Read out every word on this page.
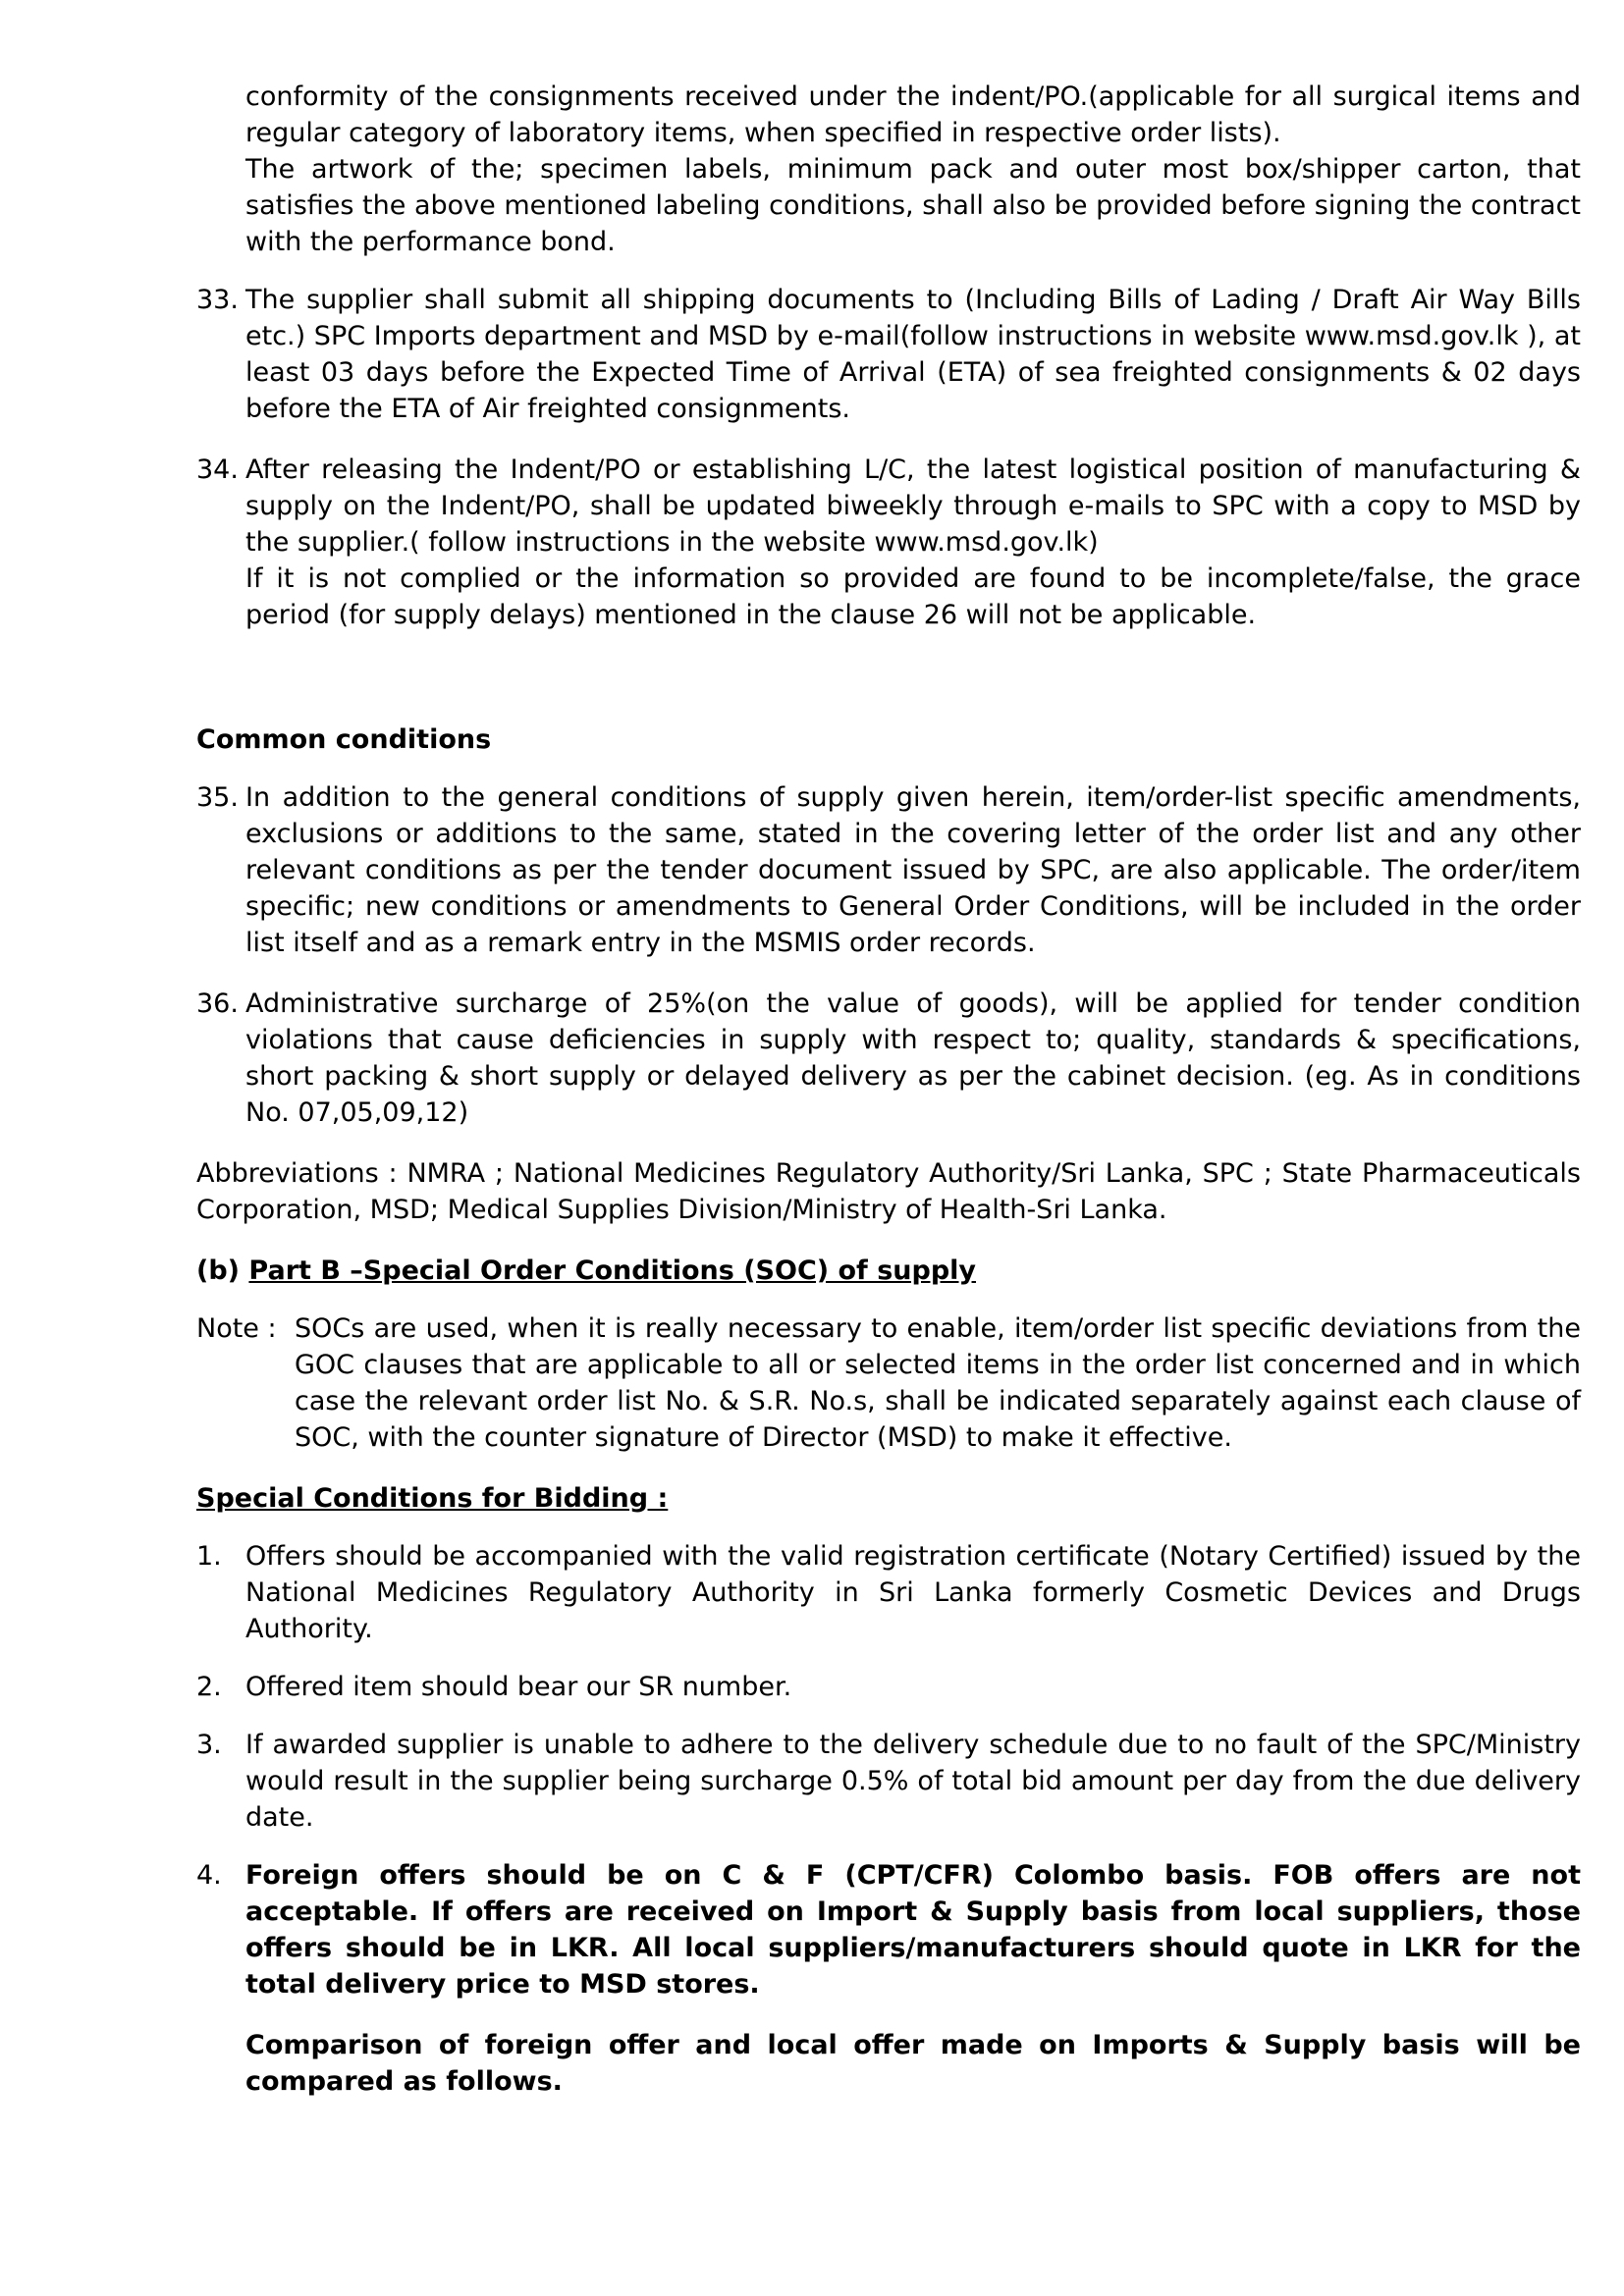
conformity of the consignments received under the indent/PO.(applicable for all surgical items and regular category of laboratory items, when specified in respective order lists).

The artwork of the; specimen labels, minimum pack and outer most box/shipper carton, that satisfies the above mentioned labeling conditions, shall also be provided before signing the contract with the performance bond.

33. The supplier shall submit all shipping documents to (Including Bills of Lading / Draft Air Way Bills etc.) SPC Imports department and MSD by e-mail(follow instructions in website www.msd.gov.lk ), at least 03 days before the Expected Time of Arrival (ETA) of sea freighted consignments & 02 days before the ETA of Air freighted consignments.

34. After releasing the Indent/PO or establishing L/C, the latest logistical position of manufacturing & supply on the Indent/PO, shall be updated biweekly through e-mails to SPC with a copy to MSD by the supplier.( follow instructions in the website www.msd.gov.lk)

If it is not complied or the information so provided are found to be incomplete/false, the grace period (for supply delays) mentioned in the clause 26 will not be applicable.

Common conditions

35. In addition to the general conditions of supply given herein, item/order-list specific amendments, exclusions or additions to the same, stated in the covering letter of the order list and any other relevant conditions as per the tender document issued by SPC, are also applicable. The order/item specific; new conditions or amendments to General Order Conditions, will be included in the order list itself and as a remark entry in the MSMIS order records.

36. Administrative surcharge of 25%(on the value of goods), will be applied for tender condition violations that cause deficiencies in supply with respect to; quality, standards & specifications, short packing & short supply or delayed delivery as per the cabinet decision. (eg. As in conditions No. 07,05,09,12)

Abbreviations : NMRA ; National Medicines Regulatory Authority/Sri Lanka, SPC ; State Pharmaceuticals Corporation, MSD; Medical Supplies Division/Ministry of Health-Sri Lanka.

(b) Part B –Special Order Conditions (SOC) of supply

Note : SOCs are used, when it is really necessary to enable, item/order list specific deviations from the GOC clauses that are applicable to all or selected items in the order list concerned and in which case the relevant order list No. & S.R. No.s, shall be indicated separately against each clause of SOC, with the counter signature of Director (MSD) to make it effective.

Special Conditions for Bidding :

1. Offers should be accompanied with the valid registration certificate (Notary Certified) issued by the National Medicines Regulatory Authority in Sri Lanka formerly Cosmetic Devices and Drugs Authority.

2. Offered item should bear our SR number.

3. If awarded supplier is unable to adhere to the delivery schedule due to no fault of the SPC/Ministry would result in the supplier being surcharge 0.5% of total bid amount per day from the due delivery date.

4. Foreign offers should be on C & F (CPT/CFR) Colombo basis. FOB offers are not acceptable. If offers are received on Import & Supply basis from local suppliers, those offers should be in LKR. All local suppliers/manufacturers should quote in LKR for the total delivery price to MSD stores.

Comparison of foreign offer and local offer made on Imports & Supply basis will be compared as follows.
